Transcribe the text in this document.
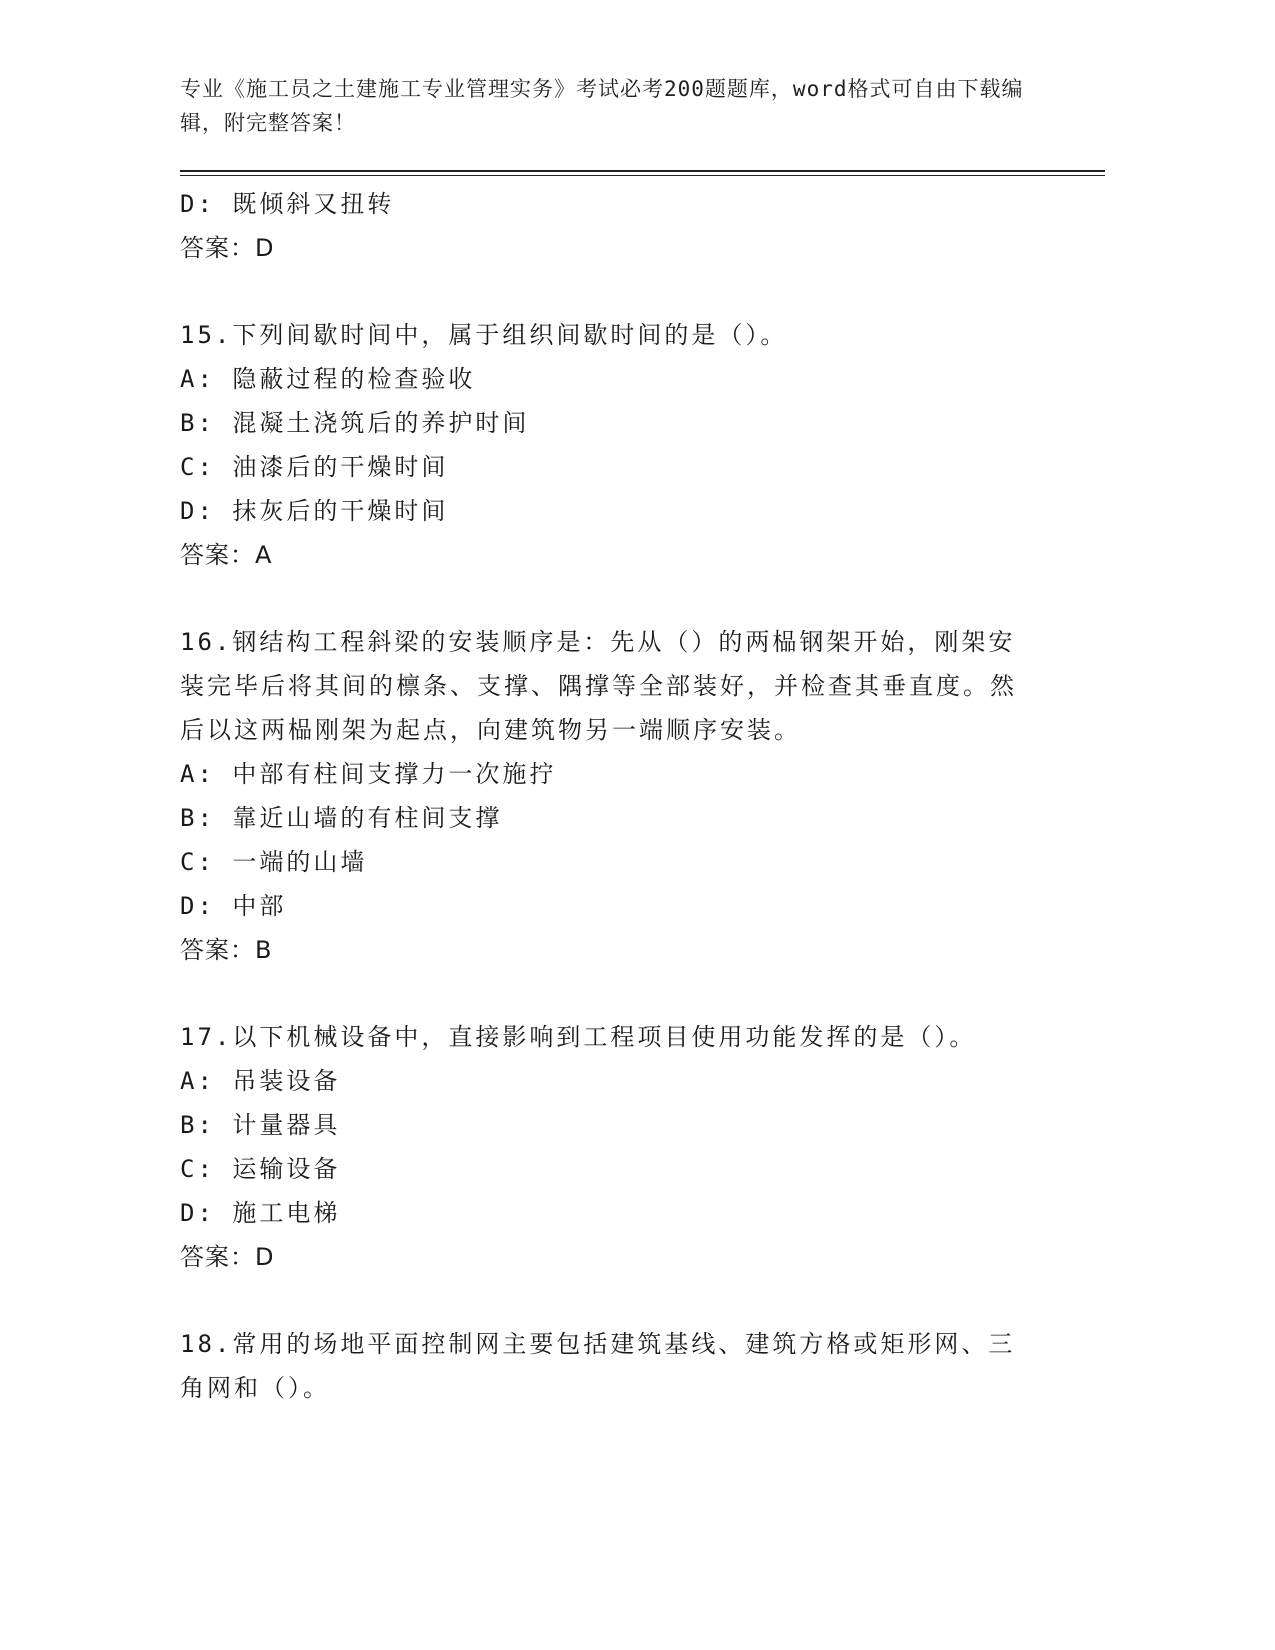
专业《施工员之土建施工专业管理实务》考试必考200题题库，word格式可自由下载编辑，附完整答案！
D: 既倾斜又扭转
答案：D
15.下列间歇时间中，属于组织间歇时间的是（）。
A: 隐蔽过程的检查验收
B: 混凝土浇筑后的养护时间
C: 油漆后的干燥时间
D: 抹灰后的干燥时间
答案：A
16.钢结构工程斜梁的安装顺序是：先从（）的两榀钢架开始，刚架安装完毕后将其间的檩条、支撑、隅撑等全部装好，并检查其垂直度。然后以这两榀刚架为起点，向建筑物另一端顺序安装。
A: 中部有柱间支撑力一次施拧
B: 靠近山墙的有柱间支撑
C: 一端的山墙
D: 中部
答案：B
17.以下机械设备中，直接影响到工程项目使用功能发挥的是（）。
A: 吊装设备
B: 计量器具
C: 运输设备
D: 施工电梯
答案：D
18.常用的场地平面控制网主要包括建筑基线、建筑方格或矩形网、三角网和（）。
